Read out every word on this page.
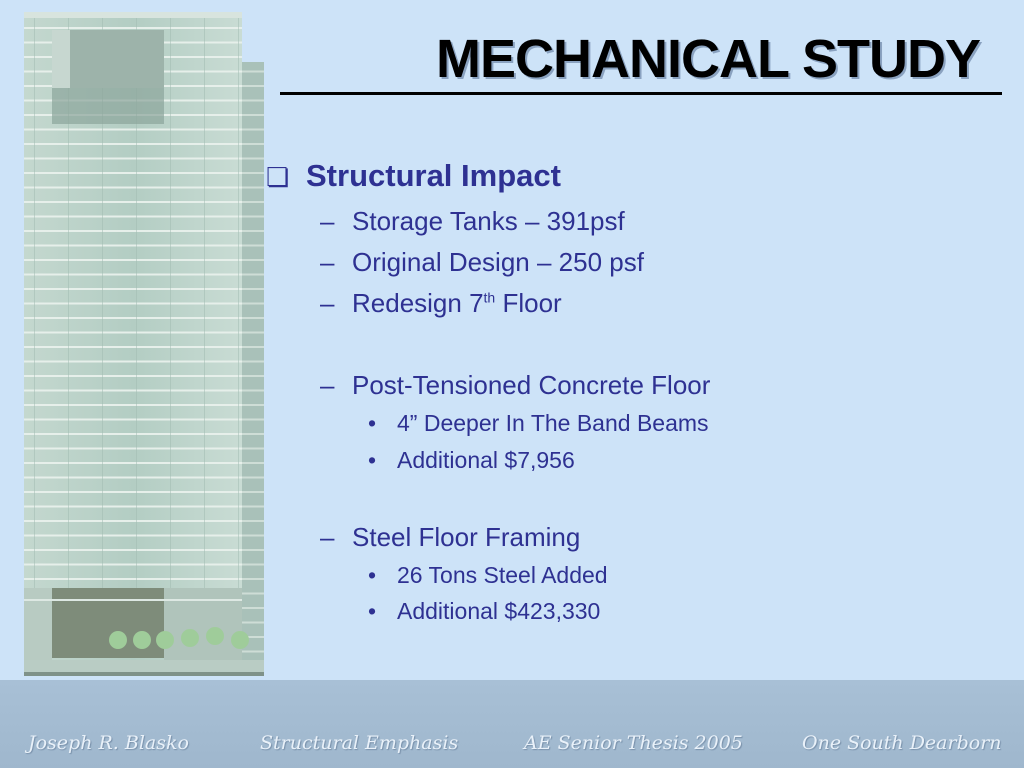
MECHANICAL STUDY
❏ Structural Impact
– Storage Tanks – 391psf
– Original Design – 250 psf
– Redesign 7th Floor
– Post-Tensioned Concrete Floor
• 4” Deeper In The Band Beams
• Additional $7,956
– Steel Floor Framing
• 26 Tons Steel Added
• Additional $423,330
Joseph R. Blasko	Structural Emphasis	AE Senior Thesis 2005	One South Dearborn
